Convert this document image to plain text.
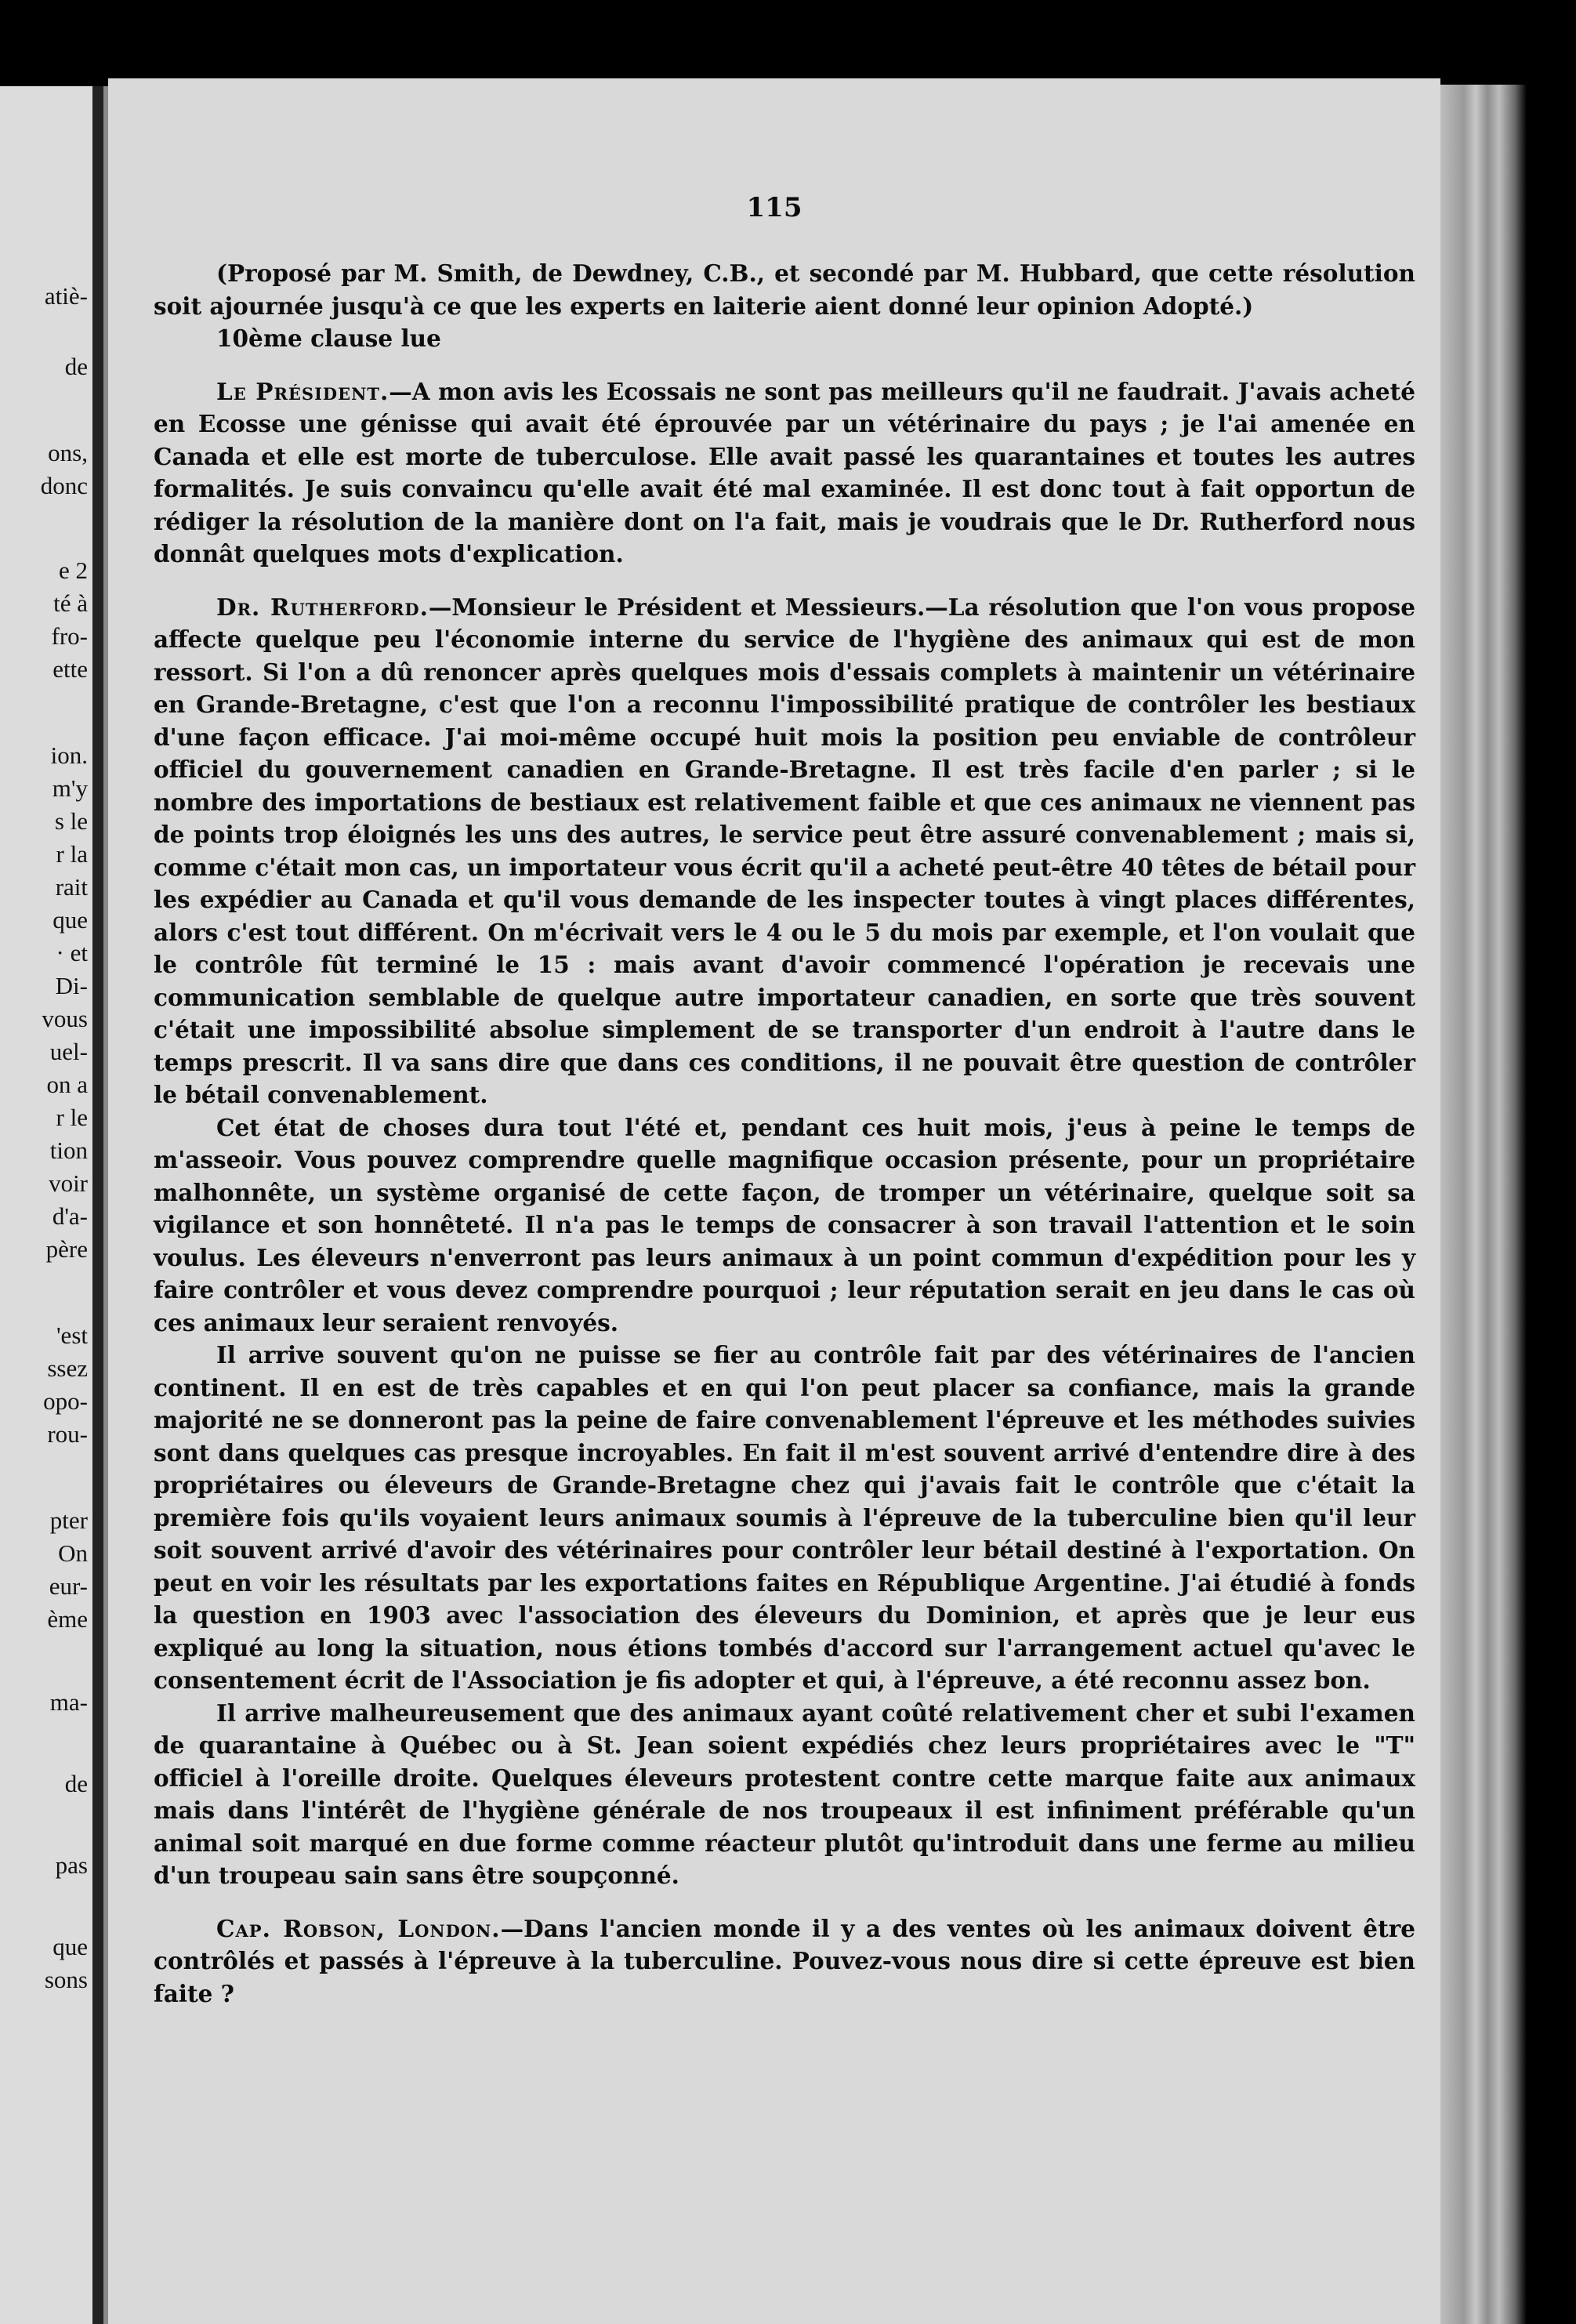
atiè-
de
ons,
donc
e 2
té à
fro-
ette
ion.
m'y
s le
r la
rait
que
· et
Di-
vous
uel-
on a
r le
tion
voir
d'a-
père
'est
ssez
opo-
rou-
pter
On
eur-
ème
ma-
de
pas
que
sons
115

(Proposé par M. Smith, de Dewdney, C.B., et secondé par M. Hubbard, que cette résolution soit ajournée jusqu'à ce que les experts en laiterie aient donné leur opinion Adopté.)

10ème clause lue

Le Président.—A mon avis les Ecossais ne sont pas meilleurs qu'il ne faudrait. J'avais acheté en Ecosse une génisse qui avait été éprouvée par un vétérinaire du pays ; je l'ai amenée en Canada et elle est morte de tuberculose. Elle avait passé les quarantaines et toutes les autres formalités. Je suis convaincu qu'elle avait été mal examinée. Il est donc tout à fait opportun de rédiger la résolution de la manière dont on l'a fait, mais je voudrais que le Dr. Rutherford nous donnât quelques mots d'explication.

Dr. Rutherford.—Monsieur le Président et Messieurs.—La résolution que l'on vous propose affecte quelque peu l'économie interne du service de l'hygiène des animaux qui est de mon ressort. Si l'on a dû renoncer après quelques mois d'essais complets à maintenir un vétérinaire en Grande-Bretagne, c'est que l'on a reconnu l'impossibilité pratique de contrôler les bestiaux d'une façon efficace. J'ai moi-même occupé huit mois la position peu enviable de contrôleur officiel du gouvernement canadien en Grande-Bretagne. Il est très facile d'en parler ; si le nombre des importations de bestiaux est relativement faible et que ces animaux ne viennent pas de points trop éloignés les uns des autres, le service peut être assuré convenablement ; mais si, comme c'était mon cas, un importateur vous écrit qu'il a acheté peut-être 40 têtes de bétail pour les expédier au Canada et qu'il vous demande de les inspecter toutes à vingt places différentes, alors c'est tout différent. On m'écrivait vers le 4 ou le 5 du mois par exemple, et l'on voulait que le contrôle fût terminé le 15 : mais avant d'avoir commencé l'opération je recevais une communication semblable de quelque autre importateur canadien, en sorte que très souvent c'était une impossibilité absolue simplement de se transporter d'un endroit à l'autre dans le temps prescrit. Il va sans dire que dans ces conditions, il ne pouvait être question de contrôler le bétail convenablement.

Cet état de choses dura tout l'été et, pendant ces huit mois, j'eus à peine le temps de m'asseoir. Vous pouvez comprendre quelle magnifique occasion présente, pour un propriétaire malhonnête, un système organisé de cette façon, de tromper un vétérinaire, quelque soit sa vigilance et son honnêteté. Il n'a pas le temps de consacrer à son travail l'attention et le soin voulus. Les éleveurs n'enverront pas leurs animaux à un point commun d'expédition pour les y faire contrôler et vous devez comprendre pourquoi ; leur réputation serait en jeu dans le cas où ces animaux leur seraient renvoyés.

Il arrive souvent qu'on ne puisse se fier au contrôle fait par des vétérinaires de l'ancien continent. Il en est de très capables et en qui l'on peut placer sa confiance, mais la grande majorité ne se donneront pas la peine de faire convenablement l'épreuve et les méthodes suivies sont dans quelques cas presque incroyables. En fait il m'est souvent arrivé d'entendre dire à des propriétaires ou éleveurs de Grande-Bretagne chez qui j'avais fait le contrôle que c'était la première fois qu'ils voyaient leurs animaux soumis à l'épreuve de la tuberculine bien qu'il leur soit souvent arrivé d'avoir des vétérinaires pour contrôler leur bétail destiné à l'exportation. On peut en voir les résultats par les exportations faites en République Argentine. J'ai étudié à fonds la question en 1903 avec l'association des éleveurs du Dominion, et après que je leur eus expliqué au long la situation, nous étions tombés d'accord sur l'arrangement actuel qu'avec le consentement écrit de l'Association je fis adopter et qui, à l'épreuve, a été reconnu assez bon.

Il arrive malheureusement que des animaux ayant coûté relativement cher et subi l'examen de quarantaine à Québec ou à St. Jean soient expédiés chez leurs propriétaires avec le "T" officiel à l'oreille droite. Quelques éleveurs protestent contre cette marque faite aux animaux mais dans l'intérêt de l'hygiène générale de nos troupeaux il est infiniment préférable qu'un animal soit marqué en due forme comme réacteur plutôt qu'introduit dans une ferme au milieu d'un troupeau sain sans être soupçonné.

Cap. Robson, London.—Dans l'ancien monde il y a des ventes où les animaux doivent être contrôlés et passés à l'épreuve à la tuberculine. Pouvez-vous nous dire si cette épreuve est bien faite ?
